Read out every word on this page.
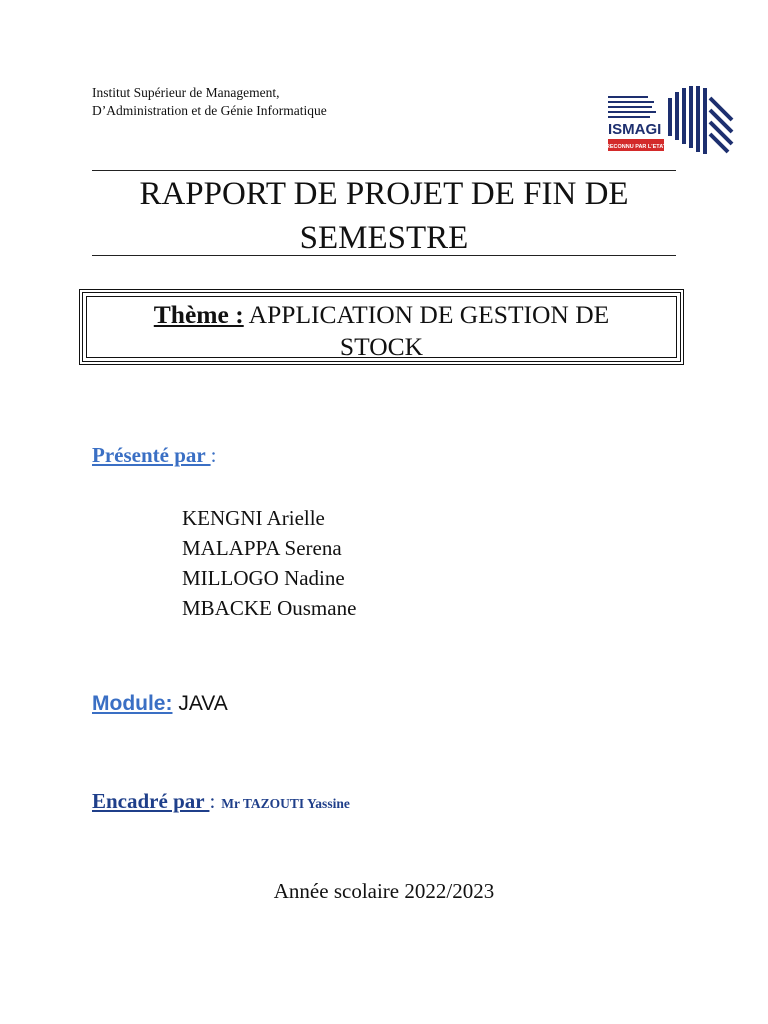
Institut Supérieur de Management,
D’Administration et de Génie Informatique
ISMAGI
RECONNU PAR L'ETAT
RAPPORT DE PROJET DE FIN DE
SEMESTRE
Thème : APPLICATION DE GESTION DE
STOCK
Présenté par :
KENGNI Arielle
MALAPPA Serena
MILLOGO Nadine
MBACKE Ousmane
Module: JAVA
Encadré par : Mr TAZOUTI Yassine
Année scolaire 2022/2023
